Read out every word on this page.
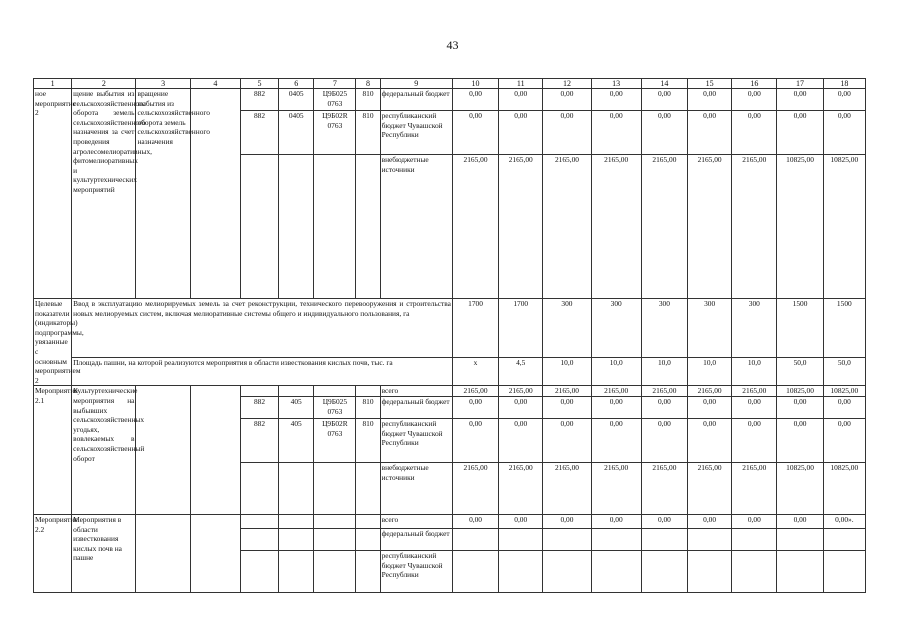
43
1	2	3	4	5	6	7	8	9	10	11	12	13	14	15	16	17	18
ное мероприятие 2	щение выбытия из сельскохозяйственного оборота земель сельскохозяйственного назначения за счет проведения агролесомелиоративных, фитомелиоративных и культуртехнических мероприятий	вращение выбытия из сельскохозяйственного оборота земель сельскохозяйственного назначения		882	0405	Ц9Б025 0763	810	федеральный бюджет	0,00	0,00	0,00	0,00	0,00	0,00	0,00	0,00	0,00
				882	0405	Ц9Б02R 0763	810	республиканский бюджет Чувашской Республики	0,00	0,00	0,00	0,00	0,00	0,00	0,00	0,00	0,00
								внебюджетные источники	2165,00	2165,00	2165,00	2165,00	2165,00	2165,00	2165,00	10825,00	10825,00
Целевые показатели (индикаторы) подпрограммы, увязанные с основным мероприятием 2	Ввод в эксплуатацию мелиорируемых земель за счет реконструкции, технического перевооружения и строительства новых мелиоруемых систем, включая мелиоративные системы общего и индивидуального пользования, га								1700	1700	300	300	300	300	300	1500	1500
	Площадь пашни, на которой реализуются мероприятия в области известкования кислых почв, тыс. га								x	4,5	10,0	10,0	10,0	10,0	10,0	50,0	50,0
Мероприятие 2.1	Культуртехнические мероприятия на выбывших сельскохозяйственных угодьях, вовлекаемых в сельскохозяйственный оборот							всего	2165,00	2165,00	2165,00	2165,00	2165,00	2165,00	2165,00	10825,00	10825,00
				882	405	Ц9Б025 0763	810	федеральный бюджет	0,00	0,00	0,00	0,00	0,00	0,00	0,00	0,00	0,00
				882	405	Ц9Б02R 0763	810	республиканский бюджет Чувашской Республики	0,00	0,00	0,00	0,00	0,00	0,00	0,00	0,00	0,00
								внебюджетные источники	2165,00	2165,00	2165,00	2165,00	2165,00	2165,00	2165,00	10825,00	10825,00
Мероприятие 2.2	Мероприятия в области известкования кислых почв на пашне							всего	0,00	0,00	0,00	0,00	0,00	0,00	0,00	0,00	0,00».
								федеральный бюджет									
								республиканский бюджет Чувашской Республики									
